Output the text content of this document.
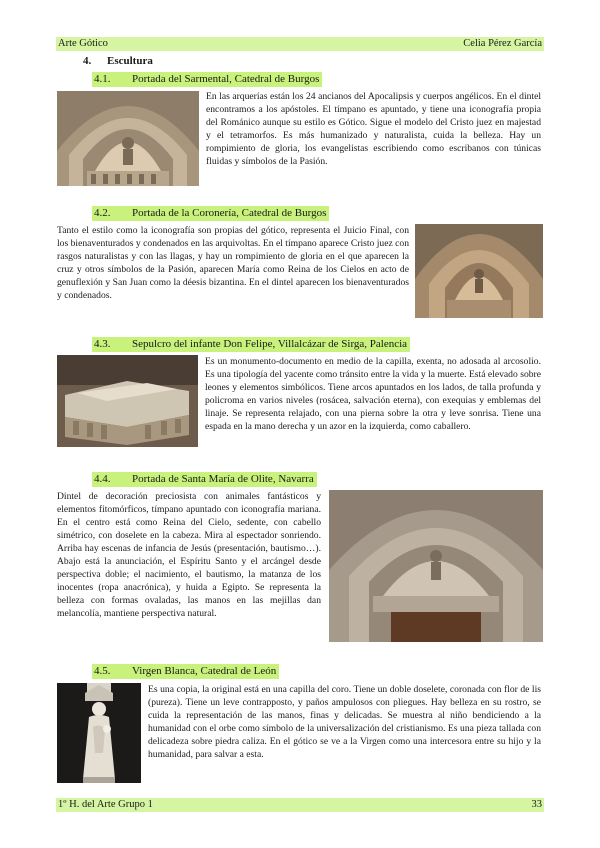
Arte Gótico	Celia Pérez García
4. Escultura
4.1. Portada del Sarmental, Catedral de Burgos

En las arquerías están los 24 ancianos del Apocalipsis y cuerpos angélicos. En el dintel encontramos a los apóstoles. El tímpano es apuntado, y tiene una iconografía propia del Románico aunque su estilo es Gótico. Sigue el modelo del Cristo juez en majestad y el tetramorfos. Es más humanizado y naturalista, cuida la belleza. Hay un rompimiento de gloria, los evangelistas escribiendo como escribanos con túnicas fluidas y símbolos de la Pasión.

4.2. Portada de la Coronería, Catedral de Burgos

Tanto el estilo como la iconografía son propias del gótico, representa el Juicio Final, con los bienaventurados y condenados en las arquivoltas. En el tímpano aparece Cristo juez con rasgos naturalistas y con las llagas, y hay un rompimiento de gloria en el que aparecen la cruz y otros símbolos de la Pasión, aparecen María como Reina de los Cielos en acto de genuflexión y San Juan como la déesis bizantina. En el dintel aparecen los bienaventurados y condenados.

4.3. Sepulcro del infante Don Felipe, Villalcázar de Sirga, Palencia

Es un monumento-documento en medio de la capilla, exenta, no adosada al arcosolio. Es una tipología del yacente como tránsito entre la vida y la muerte. Está elevado sobre leones y elementos simbólicos. Tiene arcos apuntados en los lados, de talla profunda y policroma en varios niveles (rosácea, salvación eterna), con exequias y emblemas del linaje. Se representa relajado, con una pierna sobre la otra y leve sonrisa. Tiene una espada en la mano derecha y un azor en la izquierda, como caballero.

4.4. Portada de Santa María de Olite, Navarra

Dintel de decoración preciosista con animales fantásticos y elementos fitomórficos, tímpano apuntado con iconografía mariana. En el centro está como Reina del Cielo, sedente, con cabello simétrico, con doselete en la cabeza. Mira al espectador sonriendo. Arriba hay escenas de infancia de Jesús (presentación, bautismo…). Abajo está la anunciación, el Espíritu Santo y el arcángel desde perspectiva doble; el nacimiento, el bautismo, la matanza de los inocentes (ropa anacrónica), y huida a Egipto. Se representa la belleza con formas ovaladas, las manos en las mejillas dan melancolía, mantiene perspectiva natural.

4.5. Virgen Blanca, Catedral de León

Es una copia, la original está en una capilla del coro. Tiene un doble doselete, coronada con flor de lis (pureza). Tiene un leve contrapposto, y paños ampulosos con pliegues. Hay belleza en su rostro, se cuida la representación de las manos, finas y delicadas. Se muestra al niño bendiciendo a la humanidad con el orbe como símbolo de la universalización del cristianismo. Es una pieza tallada con delicadeza sobre piedra caliza. En el gótico se ve a la Virgen como una intercesora entre su hijo y la humanidad, para salvar a esta.

1º H. del Arte Grupo 1	33
